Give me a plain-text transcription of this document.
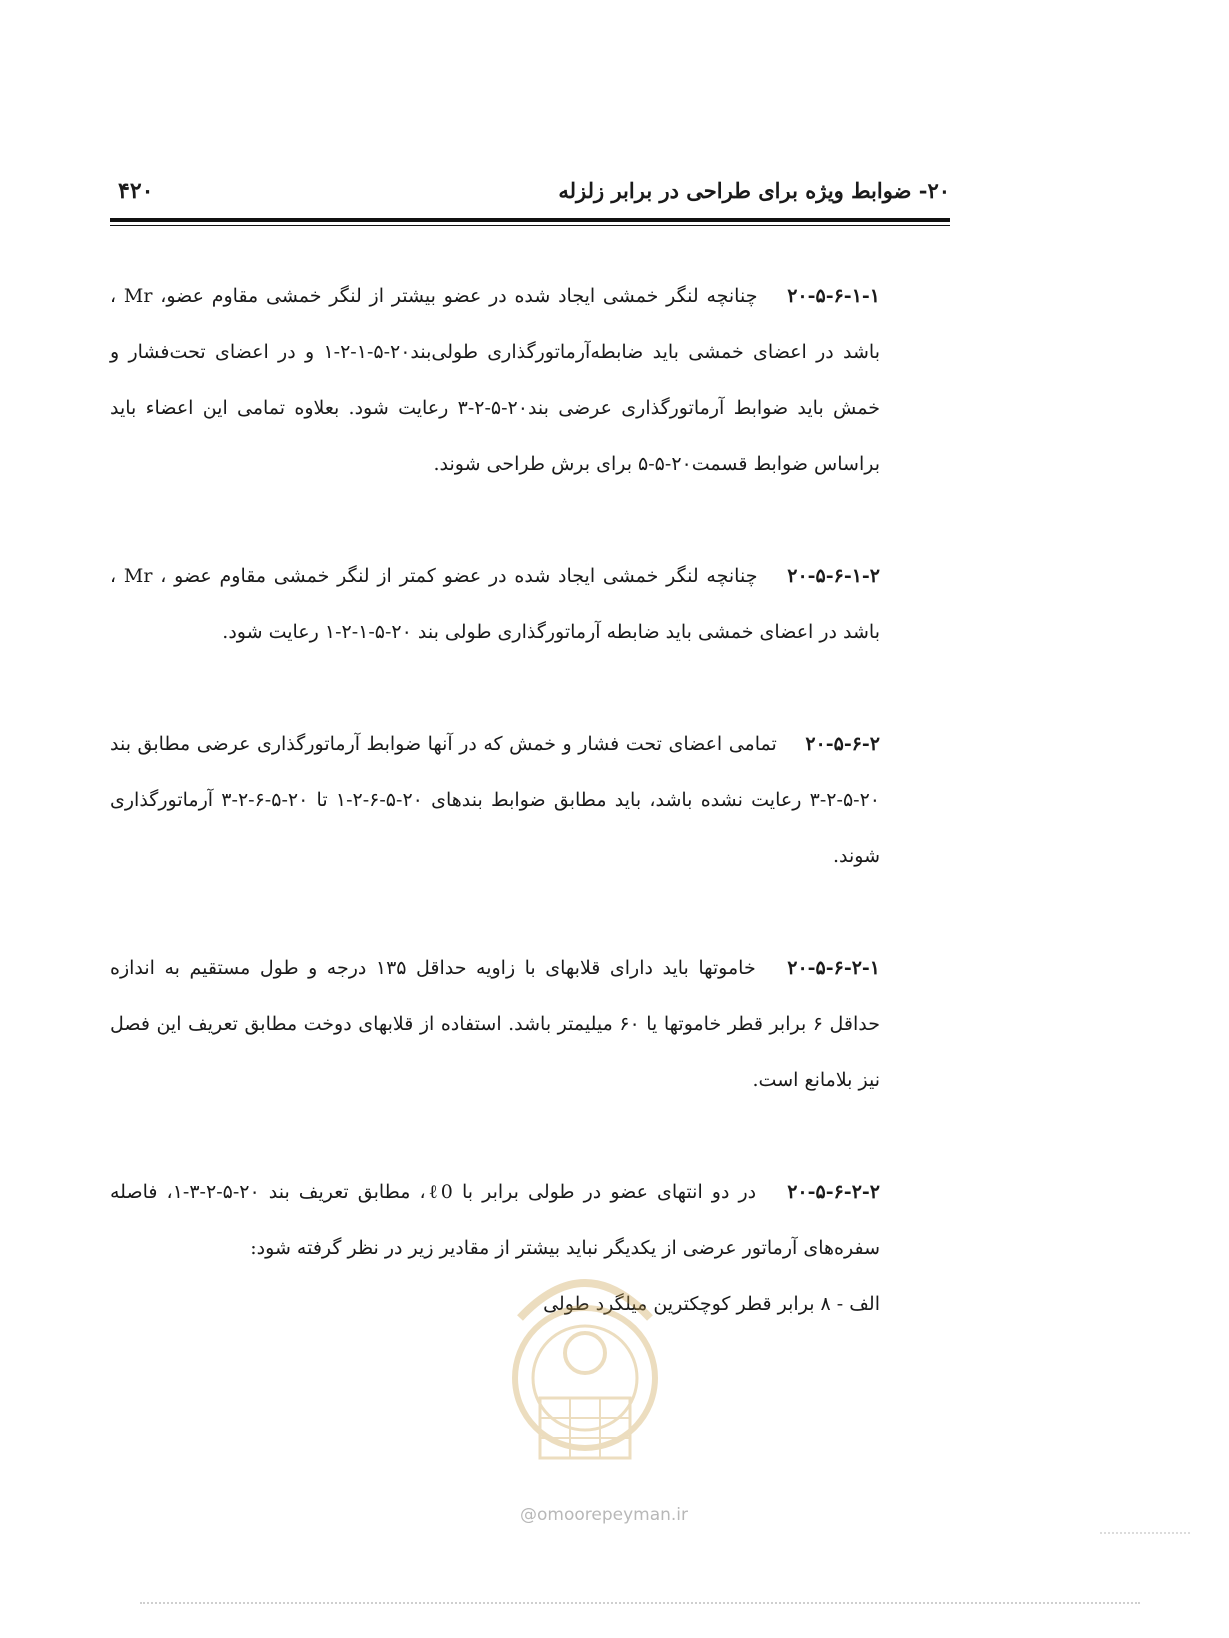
۴۲۰	۲۰- ضوابط ویژه برای طراحی در برابر زلزله

۲۰-۵-۶-۱-۱ چنانچه لنگر خمشی ایجاد شده در عضو بیشتر از لنگر خمشی مقاوم عضو، Mr ، باشد در اعضای خمشی باید ضابطه‌آرماتورگذاری طولی‌بند۲۰-۵-۱-۲-۱ و در اعضای تحت‌فشار و خمش باید ضوابط آرماتورگذاری عرضی بند۲۰-۵-۲-۳ رعایت شود. بعلاوه تمامی این اعضاء باید براساس ضوابط قسمت۲۰-۵-۵ برای برش طراحی شوند.

۲۰-۵-۶-۱-۲ چنانچه لنگر خمشی ایجاد شده در عضو کمتر از لنگر خمشی مقاوم عضو ، Mr ، باشد در اعضای خمشی باید ضابطه آرماتورگذاری طولی بند ۲۰-۵-۱-۲-۱ رعایت شود.

۲۰-۵-۶-۲ تمامی اعضای تحت فشار و خمش که در آنها ضوابط آرماتورگذاری عرضی مطابق بند ۲۰-۵-۲-۳ رعایت نشده باشد، باید مطابق ضوابط بندهای ۲۰-۵-۶-۲-۱ تا ۲۰-۵-۶-۲-۳ آرماتورگذاری شوند.

۲۰-۵-۶-۲-۱ خاموتها باید دارای قلابهای با زاویه حداقل ۱۳۵ درجه و طول مستقیم به اندازه حداقل ۶ برابر قطر خاموتها یا ۶۰ میلیمتر باشد. استفاده از قلابهای دوخت مطابق تعریف این فصل نیز بلامانع است.

۲۰-۵-۶-۲-۲ در دو انتهای عضو در طولی برابر با ℓ0، مطابق تعریف بند ۲۰-۵-۲-۳-۱، فاصله سفره‌های آرماتور عرضی از یکدیگر نباید بیشتر از مقادیر زیر در نظر گرفته شود:

الف - ۸ برابر قطر کوچکترین میلگرد طولی

@omoorepeyman.ir
